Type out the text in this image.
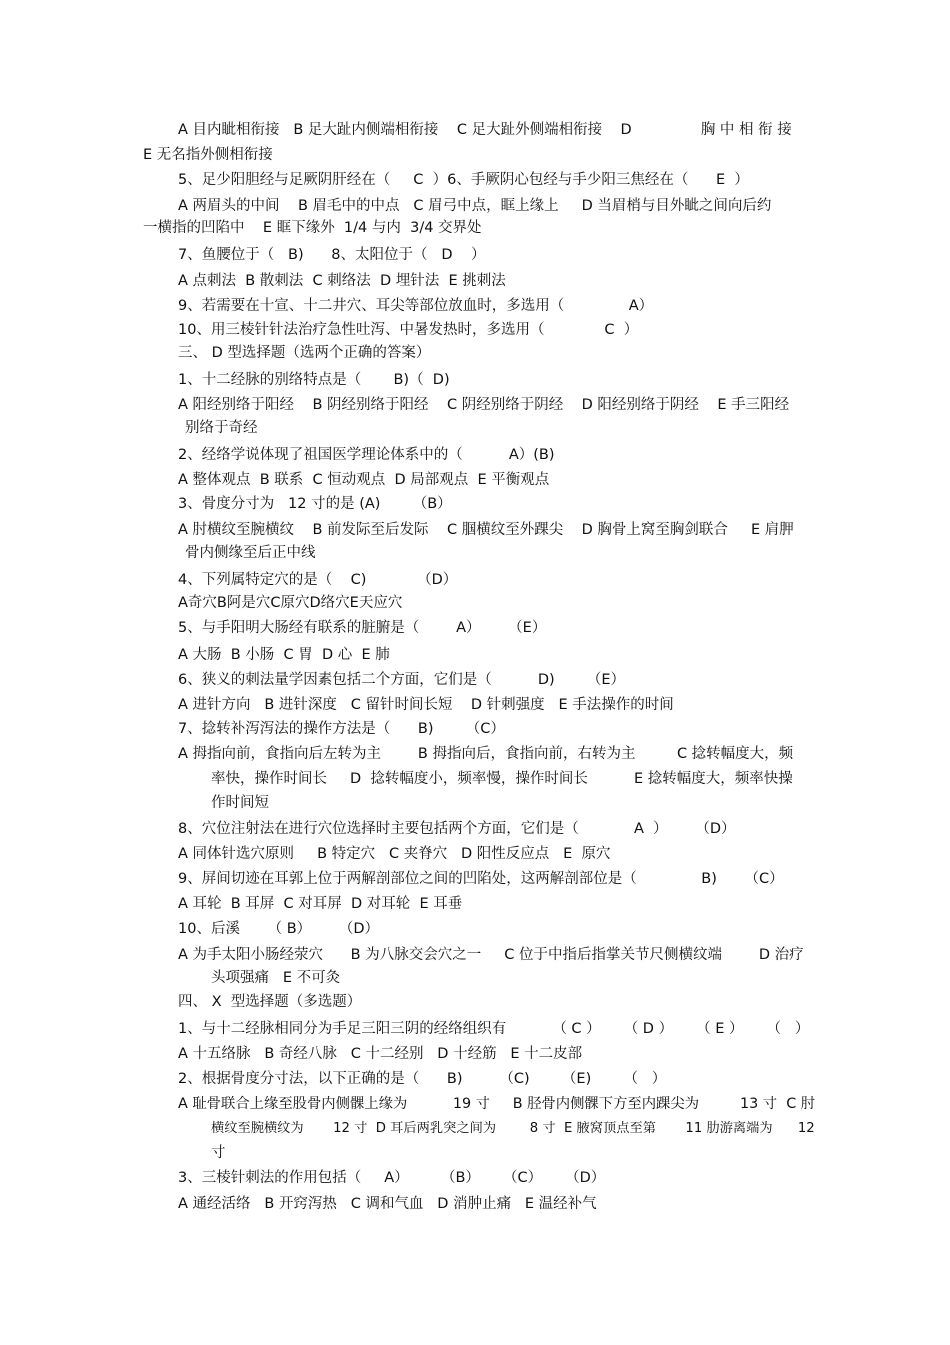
A 目内眦相衔接   B 足大趾内侧端相衔接    C 足大趾外侧端相衔接    D               胸 中 相 衔 接

E 无名指外侧相衔接

5、足少阳胆经与足厥阴肝经在（     C  ）6、手厥阴心包经与手少阳三焦经在（      E  ）

A 两眉头的中间    B 眉毛中的中点   C 眉弓中点，眶上缘上     D 当眉梢与目外眦之间向后约

一横指的凹陷中    E 眶下缘外  1/4 与内  3/4 交界处

7、鱼腰位于（   B)      8、太阳位于（   D    ）

A 点刺法  B 散刺法  C 刺络法  D 埋针法  E 挑刺法

9、若需要在十宣、十二井穴、耳尖等部位放血时，多选用（              A）

10、用三棱针针法治疗急性吐泻、中暑发热时，多选用（             C  ）

三、 D 型选择题（选两个正确的答案）

1、十二经脉的别络特点是（       B)（  D)

A 阳经别络于阳经    B 阴经别络于阳经    C 阴经别络于阴经    D 阳经别络于阴经    E 手三阳经

别络于奇经

2、经络学说体现了祖国医学理论体系中的（          A）(B)

A 整体观点  B 联系  C 恒动观点  D 局部观点  E 平衡观点

3、骨度分寸为   12 寸的是 (A)       （B）

A 肘横纹至腕横纹    B 前发际至后发际    C 腘横纹至外踝尖    D 胸骨上窝至胸剑联合     E 肩胛

骨内侧缘至后正中线

4、下列属特定穴的是（    C)           （D）

A奇穴B阿是穴C原穴D络穴E天应穴

5、与手阳明大肠经有联系的脏腑是（        A）      （E）

A 大肠  B 小肠  C 胃  D 心  E 肺

6、狭义的刺法量学因素包括二个方面，它们是（          D)       （E）

A 进针方向   B 进针深度   C 留针时间长短    D 针刺强度   E 手法操作的时间

7、捻转补泻泻法的操作方法是（      B)       （C）

A 拇指向前，食指向后左转为主        B 拇指向后，食指向前，右转为主         C 捻转幅度大，频

率快，操作时间长     D  捻转幅度小，频率慢，操作时间长          E 捻转幅度大，频率快操

作时间短

8、穴位注射法在进行穴位选择时主要包括两个方面，它们是（            A  ）      （D）

A 同体针选穴原则     B 特定穴   C 夹脊穴   D 阳性反应点   E  原穴

9、屏间切迹在耳郭上位于两解剖部位之间的凹陷处，这两解剖部位是（              B)      （C）

A 耳轮  B 耳屏  C 对耳屏  D 对耳轮  E 耳垂

10、后溪      （ B）      （D）

A 为手太阳小肠经荥穴      B 为八脉交会穴之一     C 位于中指后指掌关节尺侧横纹端        D 治疗

头项强痛   E 不可灸

四、 X  型选择题（多选题）

1、与十二经脉相同分为手足三阳三阴的经络组织有          （ C ）     （ D ）     （ E ）     （   ）

A 十五络脉   B 奇经八脉   C 十二经别   D 十经筋   E 十二皮部

2、根据骨度分寸法，以下正确的是（      B)        （C)       （E)       （   ）

A 耻骨联合上缘至股骨内侧髁上缘为          19 寸     B 胫骨内侧髁下方至内踝尖为         13 寸  C 肘

横纹至腕横纹为       12 寸  D 耳后两乳突之间为        8 寸  E 腋窝顶点至第       11 肋游离端为      12

寸

3、三棱针刺法的作用包括（     A）       （B）     （C）     （D）

A 通经活络   B 开窍泻热   C 调和气血   D 消肿止痛   E 温经补气
